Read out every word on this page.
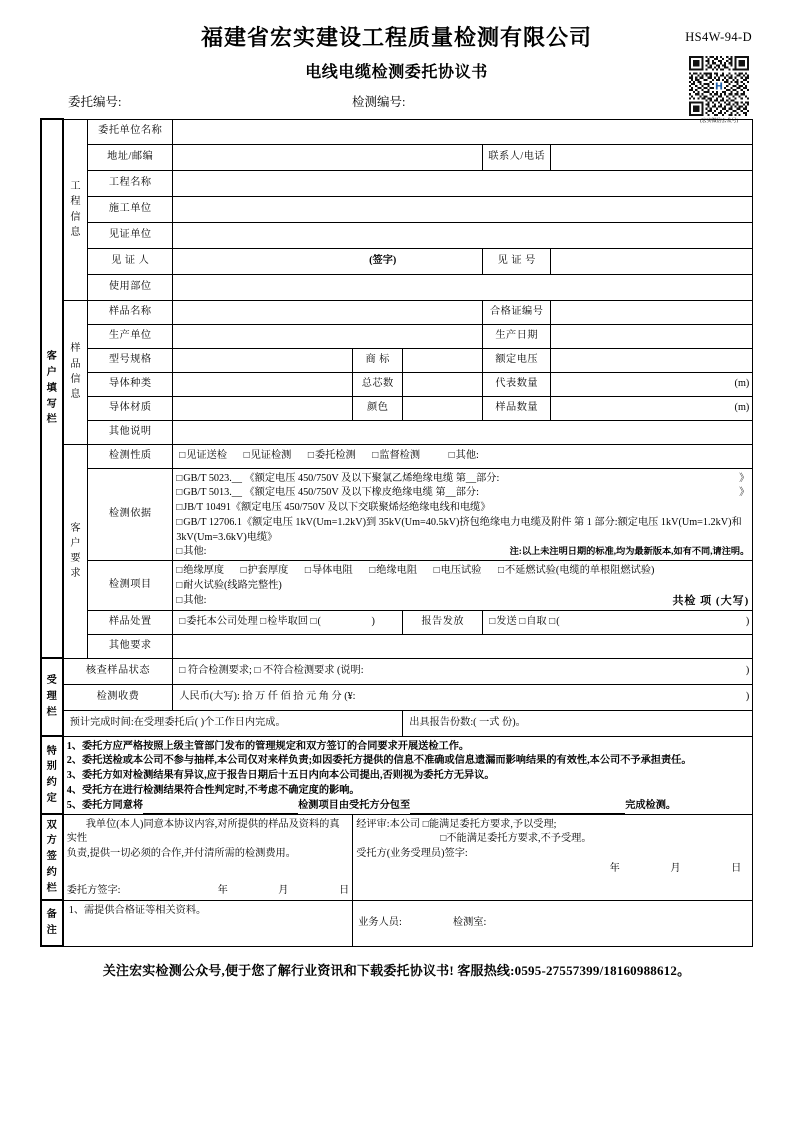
HS4W-94-D
H
(宏实微信公众号)
福建省宏实建设工程质量检测有限公司
电线电缆检测委托协议书
委托编号:	检测编号:
客
户
填
写
栏	工
程
信
息	委托单位名称					
		地址/邮编				联系人/电话	
		工程名称					
		施工单位					
		见证单位					
		见 证 人	(签字)			见 证 号	
		使用部位					

	样
品
信
息	样品名称				合格证编号	
		生产单位				生产日期	
		型号规格		商 标		额定电压	
		导体种类		总芯数		代表数量	(m)
		导体材质		颜色		样品数量	(m)
		其他说明					

	客
户
要
求	检测性质	□ 见证送检 □ 见证检测 □ 委托检测 □ 监督检测 □ 其他:
检测依据	
□ GB/T 5023.__ 《额定电压 450/750V 及以下聚氯乙烯绝缘电缆 第__部分:	》
□ GB/T 5013.__ 《额定电压 450/750V 及以下橡皮绝缘电缆 第__部分:	》
□ JB/T 10491《额定电压 450/750V 及以下交联聚烯烃绝缘电线和电缆》
□ GB/T 12706.1《额定电压 1kV(Um=1.2kV)到 35kV(Um=40.5kV)挤包绝缘电力电缆及附件 第 1 部分:额定电压 1kV(Um=1.2kV)和 3kV(Um=3.6kV)电缆》
□ 其他:	注:以上未注明日期的标准,均为最新版本,如有不同,请注明。

		检测项目	□ 绝缘厚度 □ 护套厚度 □ 导体电阻 □ 绝缘电阻 □ 电压试验 □ 不延燃试验(电缆的单根阻燃试验)
□ 耐火试验(线路完整性)
□ 其他: 共检 项 (大写)

		样品处置	□ 委托本公司处理 □ 检毕取回 □ ( )		报告发放	□ 发送 □ 自取 □ ( )

		其他要求					

受
理
栏	核查样品状态		□ 符合检测要求; □ 不符合检测要求 (说明: )				

	检测收费		人民币(大写): 拾 万 仟 佰 拾 元 角 分 (¥: )				

	预计完成时间:在受理委托后( )个工作日内完成。				出具报告份数:( 一式 份)。		

特
别
约
定

1、委托方应严格按照上级主管部门发布的管理规定和双方签订的合同要求开展送检工作。
2、委托送检或本公司不参与抽样,本公司仅对来样负责;如因委托方提供的信息不准确或信息遗漏而影响结果的有效性,本公司不予承担责任。
3、委托方如对检测结果有异议,应于报告日期后十五日内向本公司提出,否则视为委托方无异议。
4、受托方在进行检测结果符合性判定时,不考虑不确定度的影响。
5、委托方同意将	检测项目由受托方分包至	完成检测。

双
方
签
约
栏

我单位(本人)同意本协议内容,对所提供的样品及资料的真实性
负责,提供一切必须的合作,并付清所需的检测费用。
委托方签字:	年	月	日

经评审:本公司 □能满足委托方要求,予以受理;
□不能满足委托方要求,不予受理。
受托方(业务受理员)签字:
年	月	日

备
注	1、需提供合格证等相关资料。			业务人员: 检测室:			
关注宏实检测公众号,便于您了解行业资讯和下载委托协议书! 客服热线:0595-27557399/18160988612。
